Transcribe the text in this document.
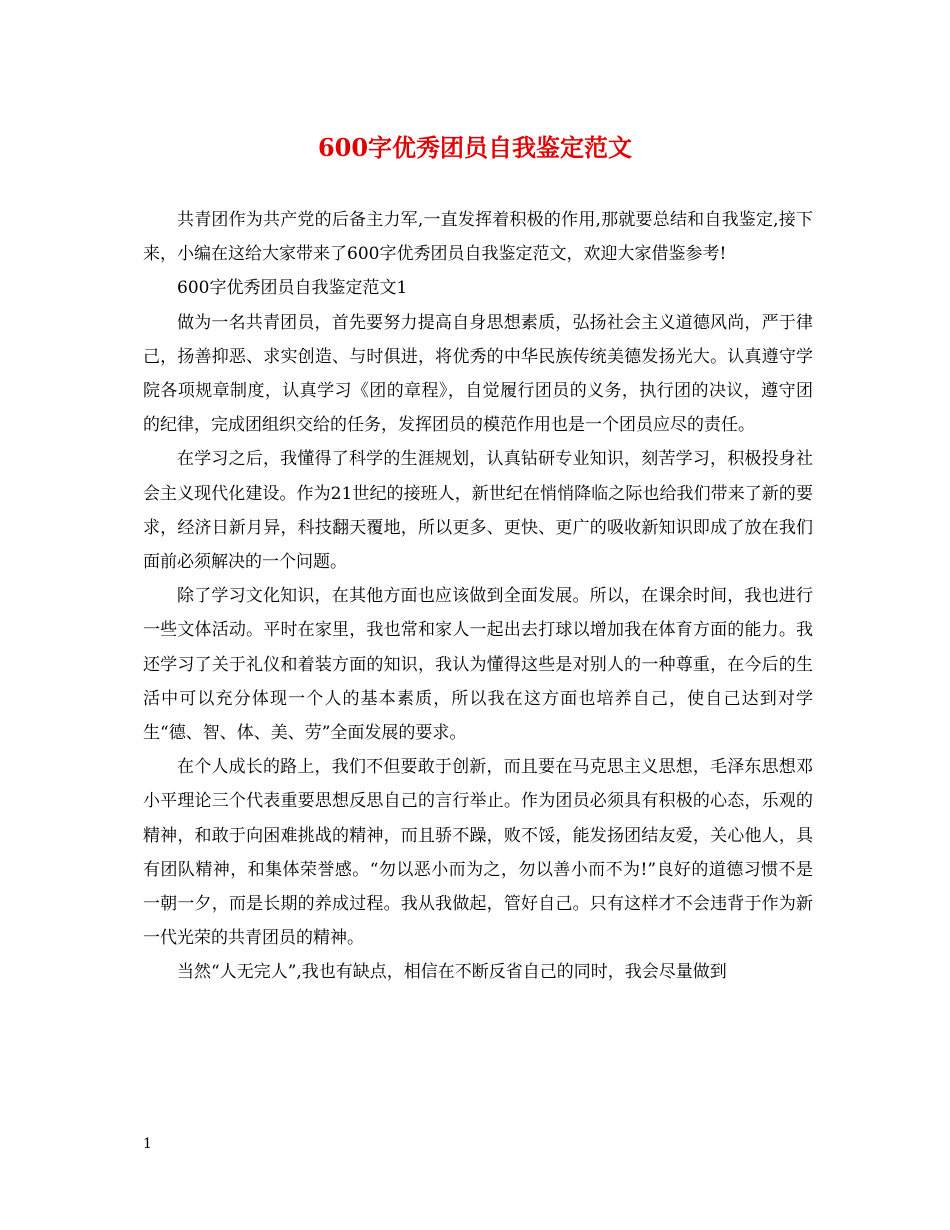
600字优秀团员自我鉴定范文

共青团作为共产党的后备主力军,一直发挥着积极的作用,那就要总结和自我鉴定,接下来，小编在这给大家带来了600字优秀团员自我鉴定范文，欢迎大家借鉴参考!

600字优秀团员自我鉴定范文1

做为一名共青团员，首先要努力提高自身思想素质，弘扬社会主义道德风尚，严于律己，扬善抑恶、求实创造、与时俱进，将优秀的中华民族传统美德发扬光大。认真遵守学院各项规章制度，认真学习《团的章程》，自觉履行团员的义务，执行团的决议，遵守团的纪律，完成团组织交给的任务，发挥团员的模范作用也是一个团员应尽的责任。

在学习之后，我懂得了科学的生涯规划，认真钻研专业知识，刻苦学习，积极投身社会主义现代化建设。作为21世纪的接班人，新世纪在悄悄降临之际也给我们带来了新的要求，经济日新月异，科技翻天覆地，所以更多、更快、更广的吸收新知识即成了放在我们面前必须解决的一个问题。

除了学习文化知识，在其他方面也应该做到全面发展。所以，在课余时间，我也进行一些文体活动。平时在家里，我也常和家人一起出去打球以增加我在体育方面的能力。我还学习了关于礼仪和着装方面的知识，我认为懂得这些是对别人的一种尊重，在今后的生活中可以充分体现一个人的基本素质，所以我在这方面也培养自己，使自己达到对学生“德、智、体、美、劳”全面发展的要求。

在个人成长的路上，我们不但要敢于创新，而且要在马克思主义思想，毛泽东思想邓小平理论三个代表重要思想反思自己的言行举止。作为团员必须具有积极的心态，乐观的精神，和敢于向困难挑战的精神，而且骄不躁，败不馁，能发扬团结友爱，关心他人，具有团队精神，和集体荣誉感。“勿以恶小而为之，勿以善小而不为!”良好的道德习惯不是一朝一夕，而是长期的养成过程。我从我做起，管好自己。只有这样才不会违背于作为新一代光荣的共青团员的精神。

当然“人无完人”,我也有缺点，相信在不断反省自己的同时，我会尽量做到

1
